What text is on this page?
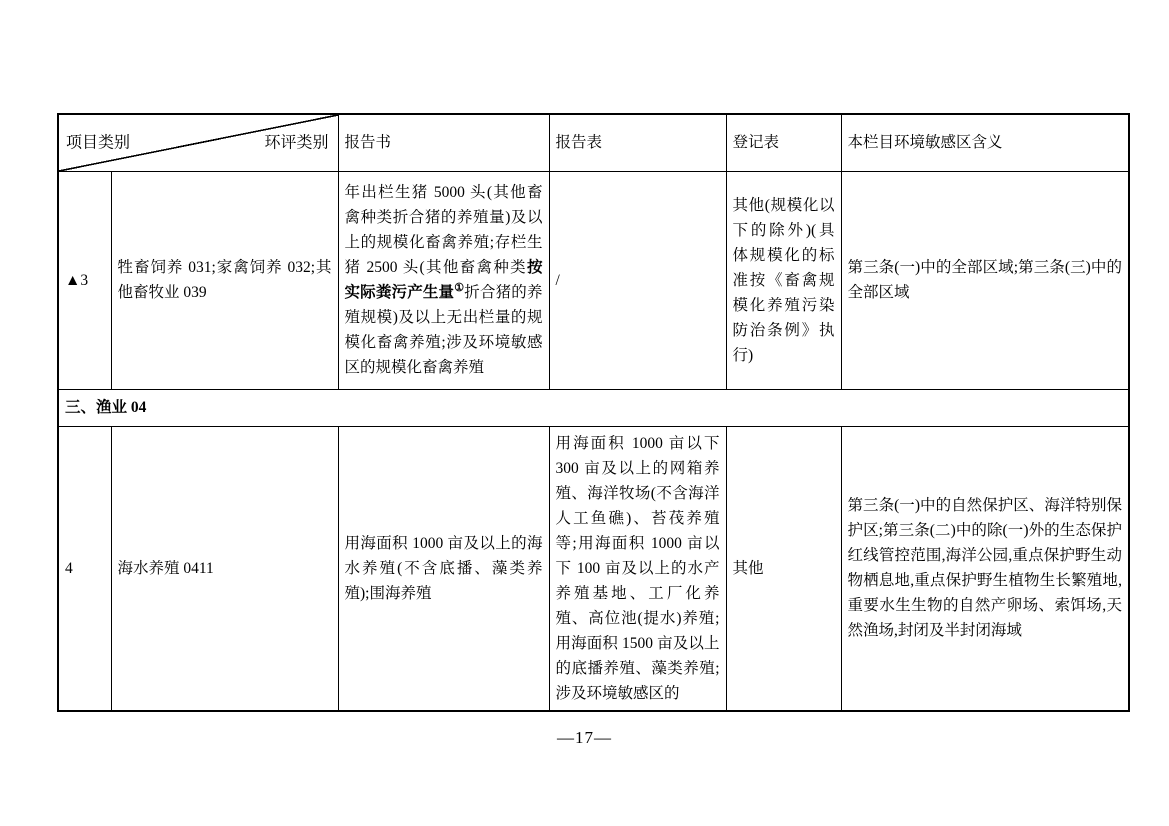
项目类别 环评类别		报告书	报告表	登记表	本栏目环境敏感区含义
▲3	牲畜饲养 031;家禽饲养 032;其他畜牧业 039	年出栏生猪 5000 头(其他畜禽种类折合猪的养殖量)及以上的规模化畜禽养殖;存栏生猪 2500 头(其他畜禽种类按实际粪污产生量①折合猪的养殖规模)及以上无出栏量的规模化畜禽养殖;涉及环境敏感区的规模化畜禽养殖	/	其他(规模化以下的除外)(具体规模化的标准按《畜禽规模化养殖污染防治条例》执行)	第三条(一)中的全部区域;第三条(三)中的全部区域
三、渔业 04					
4	海水养殖 0411	用海面积 1000 亩及以上的海水养殖(不含底播、藻类养殖);围海养殖	用海面积 1000 亩以下 300 亩及以上的网箱养殖、海洋牧场(不含海洋人工鱼礁)、苔茷养殖等;用海面积 1000 亩以下 100 亩及以上的水产养殖基地、工厂化养殖、高位池(提水)养殖;用海面积 1500 亩及以上的底播养殖、藻类养殖;涉及环境敏感区的	其他	第三条(一)中的自然保护区、海洋特别保护区;第三条(二)中的除(一)外的生态保护红线管控范围,海洋公园,重点保护野生动物栖息地,重点保护野生植物生长繁殖地,重要水生生物的自然产卵场、索饵场,天然渔场,封闭及半封闭海域
—17—
